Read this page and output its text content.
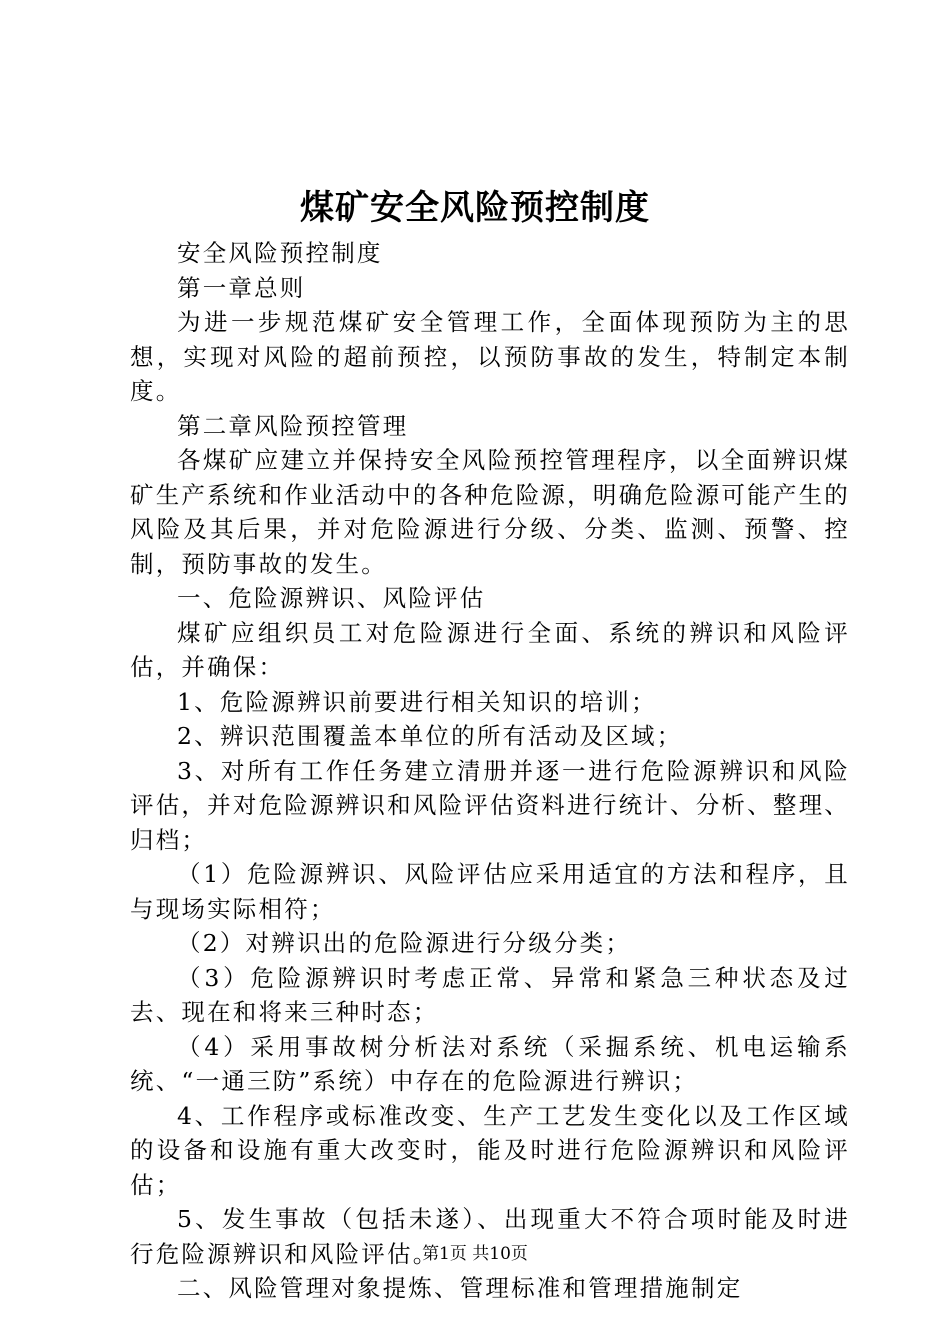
煤矿安全风险预控制度

安全风险预控制度

第一章总则

为进一步规范煤矿安全管理工作，全面体现预防为主的思想，实现对风险的超前预控，以预防事故的发生，特制定本制度。

第二章风险预控管理

各煤矿应建立并保持安全风险预控管理程序，以全面辨识煤矿生产系统和作业活动中的各种危险源，明确危险源可能产生的风险及其后果，并对危险源进行分级、分类、监测、预警、控制，预防事故的发生。

一、危险源辨识、风险评估

煤矿应组织员工对危险源进行全面、系统的辨识和风险评估，并确保：

1、危险源辨识前要进行相关知识的培训；

2、辨识范围覆盖本单位的所有活动及区域；

3、对所有工作任务建立清册并逐一进行危险源辨识和风险评估，并对危险源辨识和风险评估资料进行统计、分析、整理、归档；

（1）危险源辨识、风险评估应采用适宜的方法和程序，且与现场实际相符；

（2）对辨识出的危险源进行分级分类；

（3）危险源辨识时考虑正常、异常和紧急三种状态及过去、现在和将来三种时态；

（4）采用事故树分析法对系统（采掘系统、机电运输系统、“一通三防”系统）中存在的危险源进行辨识；

4、工作程序或标准改变、生产工艺发生变化以及工作区域的设备和设施有重大改变时，能及时进行危险源辨识和风险评估；

5、发生事故（包括未遂）、出现重大不符合项时能及时进行危险源辨识和风险评估。

二、风险管理对象提炼、管理标准和管理措施制定

第1页 共10页
